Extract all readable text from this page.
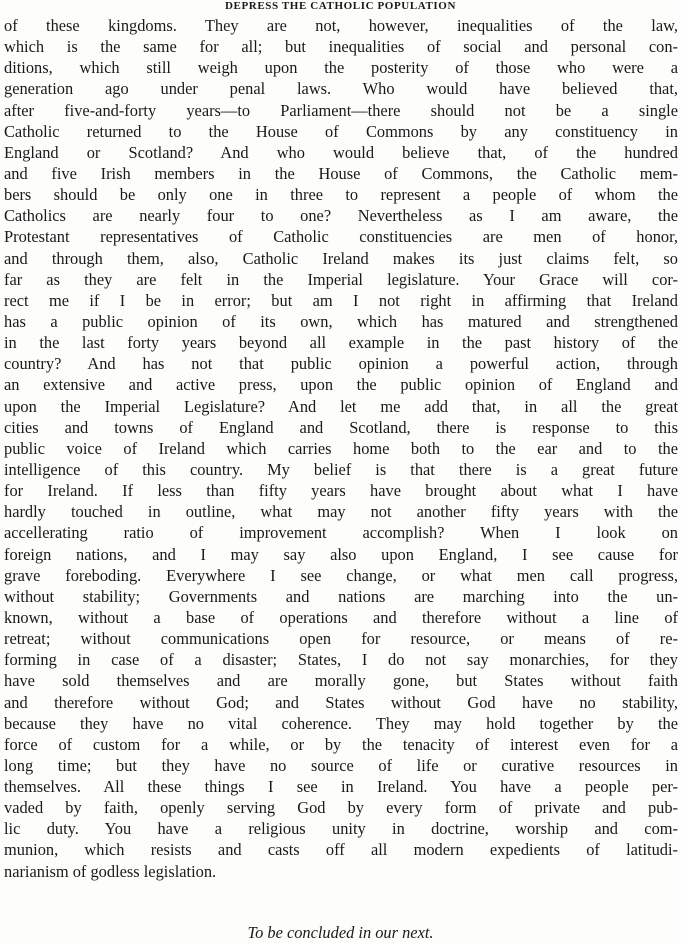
DEPRESS THE CATHOLIC POPULATION
of these kingdoms. They are not, however, inequalities of the law,
which is the same for all; but inequalities of social and personal con-
ditions, which still weigh upon the posterity of those who were a
generation ago under penal laws. Who would have believed that,
after five-and-forty years—to Parliament—there should not be a single
Catholic returned to the House of Commons by any constituency in
England or Scotland? And who would believe that, of the hundred
and five Irish members in the House of Commons, the Catholic mem-
bers should be only one in three to represent a people of whom the
Catholics are nearly four to one? Nevertheless as I am aware, the
Protestant representatives of Catholic constituencies are men of honor,
and through them, also, Catholic Ireland makes its just claims felt, so
far as they are felt in the Imperial legislature. Your Grace will cor-
rect me if I be in error; but am I not right in affirming that Ireland
has a public opinion of its own, which has matured and strengthened
in the last forty years beyond all example in the past history of the
country? And has not that public opinion a powerful action, through
an extensive and active press, upon the public opinion of England and
upon the Imperial Legislature? And let me add that, in all the great
cities and towns of England and Scotland, there is response to this
public voice of Ireland which carries home both to the ear and to the
intelligence of this country. My belief is that there is a great future
for Ireland. If less than fifty years have brought about what I have
hardly touched in outline, what may not another fifty years with the
accellerating ratio of improvement accomplish? When I look on
foreign nations, and I may say also upon England, I see cause for
grave foreboding. Everywhere I see change, or what men call progress,
without stability; Governments and nations are marching into the un-
known, without a base of operations and therefore without a line of
retreat; without communications open for resource, or means of re-
forming in case of a disaster; States, I do not say monarchies, for they
have sold themselves and are morally gone, but States without faith
and therefore without God; and States without God have no stability,
because they have no vital coherence. They may hold together by the
force of custom for a while, or by the tenacity of interest even for a
long time; but they have no source of life or curative resources in
themselves. All these things I see in Ireland. You have a people per-
vaded by faith, openly serving God by every form of private and pub-
lic duty. You have a religious unity in doctrine, worship and com-
munion, which resists and casts off all modern expedients of latitudi-
narianism of godless legislation.
To be concluded in our next.
